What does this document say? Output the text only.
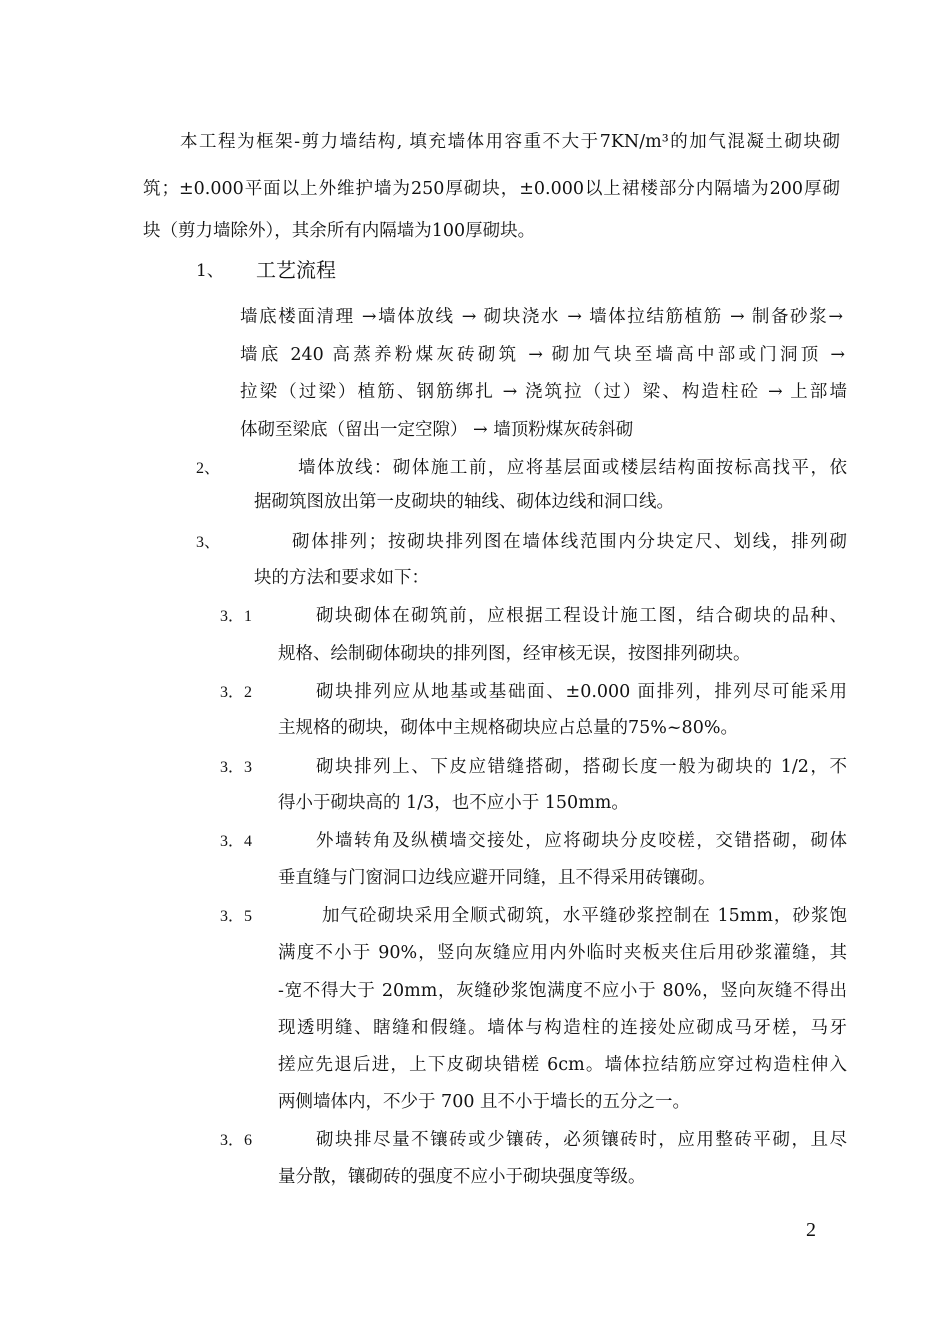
本工程为框架-剪力墙结构, 填充墙体用容重不大于7KN/m³的加气混凝土砌块砌
筑；±0.000平面以上外维护墙为250厚砌块，±0.000以上裙楼部分内隔墙为200厚砌
块（剪力墙除外），其余所有内隔墙为100厚砌块。
1、 工艺流程
墙底楼面清理 →墙体放线 → 砌块浇水 → 墙体拉结筋植筋 → 制备砂浆→
墙底 240 高蒸养粉煤灰砖砌筑 → 砌加气块至墙高中部或门洞顶 →
拉梁（过梁）植筋、钢筋绑扎 → 浇筑拉（过）梁、构造柱砼 → 上部墙
体砌至梁底（留出一定空隙） → 墙顶粉煤灰砖斜砌
2、	墙体放线：砌体施工前，应将基层面或楼层结构面按标高找平，依
据砌筑图放出第一皮砌块的轴线、砌体边线和洞口线。
3、	砌体排列；按砌块排列图在墙体线范围内分块定尺、划线，排列砌
块的方法和要求如下：
3．1	砌块砌体在砌筑前，应根据工程设计施工图，结合砌块的品种、
规格、绘制砌体砌块的排列图，经审核无误，按图排列砌块。
3．2	砌块排列应从地基或基础面、±0.000 面排列，排列尽可能采用
主规格的砌块，砌体中主规格砌块应占总量的75%~80%。
3．3	砌块排列上、下皮应错缝搭砌，搭砌长度一般为砌块的 1/2，不
得小于砌块高的 1/3，也不应小于 150mm。
3．4	外墙转角及纵横墙交接处，应将砌块分皮咬槎，交错搭砌，砌体
垂直缝与门窗洞口边线应避开同缝，且不得采用砖镶砌。
3．5	加气砼砌块采用全顺式砌筑，水平缝砂浆控制在 15mm，砂浆饱
满度不小于 90%，竖向灰缝应用内外临时夹板夹住后用砂浆灌缝，其
-宽不得大于 20mm，灰缝砂浆饱满度不应小于 80%，竖向灰缝不得出
现透明缝、瞎缝和假缝。墙体与构造柱的连接处应砌成马牙槎，马牙
搓应先退后进，上下皮砌块错槎 6cm。墙体拉结筋应穿过构造柱伸入
两侧墙体内，不少于 700 且不小于墙长的五分之一。
3．6	砌块排尽量不镶砖或少镶砖，必须镶砖时，应用整砖平砌，且尽
量分散，镶砌砖的强度不应小于砌块强度等级。
2
